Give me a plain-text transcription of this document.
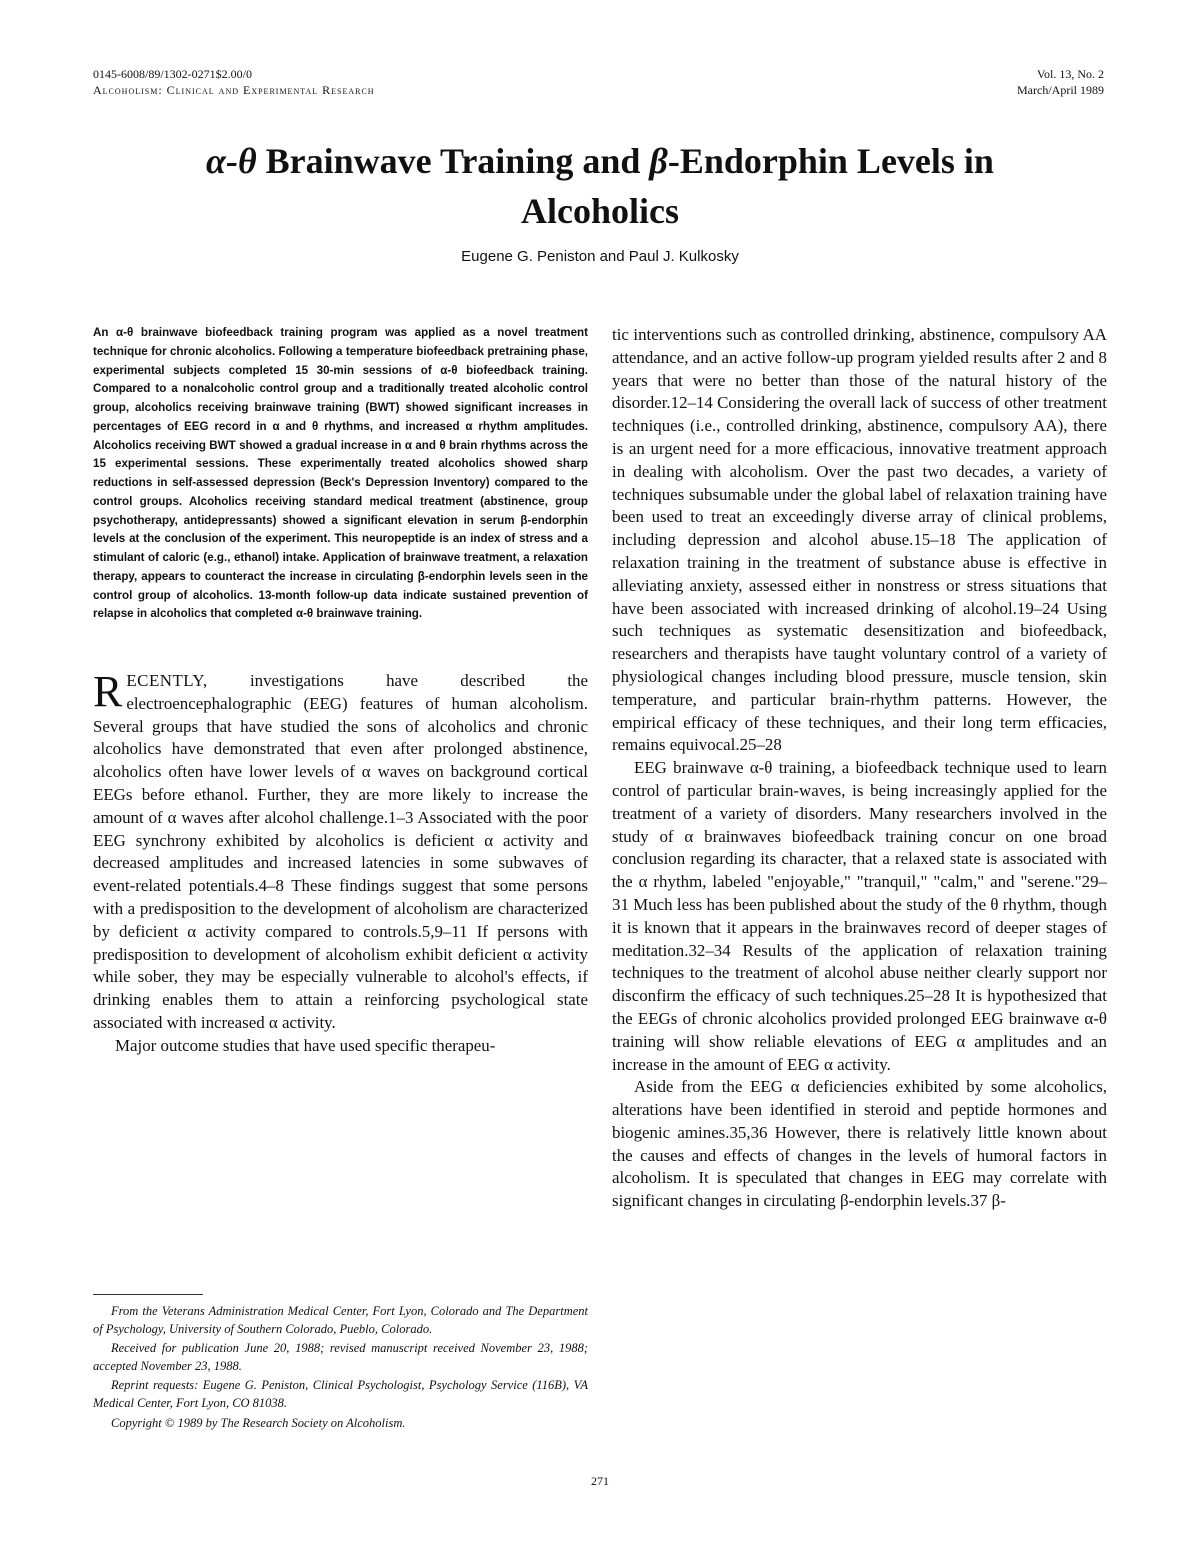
0145-6008/89/1302-0271$2.00/0
Alcoholism: Clinical and Experimental Research
Vol. 13, No. 2
March/April 1989
α-θ Brainwave Training and β-Endorphin Levels in Alcoholics
Eugene G. Peniston and Paul J. Kulkosky

An α-θ brainwave biofeedback training program was applied as a novel treatment technique for chronic alcoholics. Following a temperature biofeedback pretraining phase, experimental subjects completed 15 30-min sessions of α-θ biofeedback training. Compared to a nonalcoholic control group and a traditionally treated alcoholic control group, alcoholics receiving brainwave training (BWT) showed significant increases in percentages of EEG record in α and θ rhythms, and increased α rhythm amplitudes. Alcoholics receiving BWT showed a gradual increase in α and θ brain rhythms across the 15 experimental sessions. These experimentally treated alcoholics showed sharp reductions in self-assessed depression (Beck's Depression Inventory) compared to the control groups. Alcoholics receiving standard medical treatment (abstinence, group psychotherapy, antidepressants) showed a significant elevation in serum β-endorphin levels at the conclusion of the experiment. This neuropeptide is an index of stress and a stimulant of caloric (e.g., ethanol) intake. Application of brainwave treatment, a relaxation therapy, appears to counteract the increase in circulating β-endorphin levels seen in the control group of alcoholics. 13-month follow-up data indicate sustained prevention of relapse in alcoholics that completed α-θ brainwave training.

RECENTLY,	investigations have described the electroencephalographic (EEG) features of human alcoholism. Several groups that have studied the sons of alcoholics and chronic alcoholics have demonstrated that even after prolonged abstinence, alcoholics often have lower levels of α waves on background cortical EEGs before ethanol. Further, they are more likely to increase the amount of α waves after alcohol challenge.1–3 Associated with the poor EEG synchrony exhibited by alcoholics is deficient α activity and decreased amplitudes and increased latencies in some subwaves of event-related potentials.4–8 These findings suggest that some persons with a predisposition to the development of alcoholism are characterized by deficient α activity compared to controls.5,9–11 If persons with predisposition to development of alcoholism exhibit deficient α activity while sober, they may be especially vulnerable to alcohol's effects, if drinking enables them to attain a reinforcing psychological state associated with increased α activity.

Major outcome studies that have used specific therapeu-

From the Veterans Administration Medical Center, Fort Lyon, Colorado and The Department of Psychology, University of Southern Colorado, Pueblo, Colorado.

Received for publication June 20, 1988; revised manuscript received November 23, 1988; accepted November 23, 1988.

Reprint requests: Eugene G. Peniston, Clinical Psychologist, Psychology Service (116B), VA Medical Center, Fort Lyon, CO 81038.

Copyright © 1989 by The Research Society on Alcoholism.

tic interventions such as controlled drinking, abstinence, compulsory AA attendance, and an active follow-up program yielded results after 2 and 8 years that were no better than those of the natural history of the disorder.12–14 Considering the overall lack of success of other treatment techniques (i.e., controlled drinking, abstinence, compulsory AA), there is an urgent need for a more efficacious, innovative treatment approach in dealing with alcoholism. Over the past two decades, a variety of techniques subsumable under the global label of relaxation training have been used to treat an exceedingly diverse array of clinical problems, including depression and alcohol abuse.15–18 The application of relaxation training in the treatment of substance abuse is effective in alleviating anxiety, assessed either in nonstress or stress situations that have been associated with increased drinking of alcohol.19–24 Using such techniques as systematic desensitization and biofeedback, researchers and therapists have taught voluntary control of a variety of physiological changes including blood pressure, muscle tension, skin temperature, and particular brain-rhythm patterns. However, the empirical efficacy of these techniques, and their long term efficacies, remains equivocal.25–28

EEG brainwave α-θ training, a biofeedback technique used to learn control of particular brain-waves, is being increasingly applied for the treatment of a variety of disorders. Many researchers involved in the study of α brainwaves biofeedback training concur on one broad conclusion regarding its character, that a relaxed state is associated with the α rhythm, labeled "enjoyable," "tranquil," "calm," and "serene."29–31 Much less has been published about the study of the θ rhythm, though it is known that it appears in the brainwaves record of deeper stages of meditation.32–34 Results of the application of relaxation training techniques to the treatment of alcohol abuse neither clearly support nor disconfirm the efficacy of such techniques.25–28 It is hypothesized that the EEGs of chronic alcoholics provided prolonged EEG brainwave α-θ training will show reliable elevations of EEG α amplitudes and an increase in the amount of EEG α activity.

Aside from the EEG α deficiencies exhibited by some alcoholics, alterations have been identified in steroid and peptide hormones and biogenic amines.35,36 However, there is relatively little known about the causes and effects of changes in the levels of humoral factors in alcoholism. It is speculated that changes in EEG may correlate with significant changes in circulating β-endorphin levels.37 β-

271
